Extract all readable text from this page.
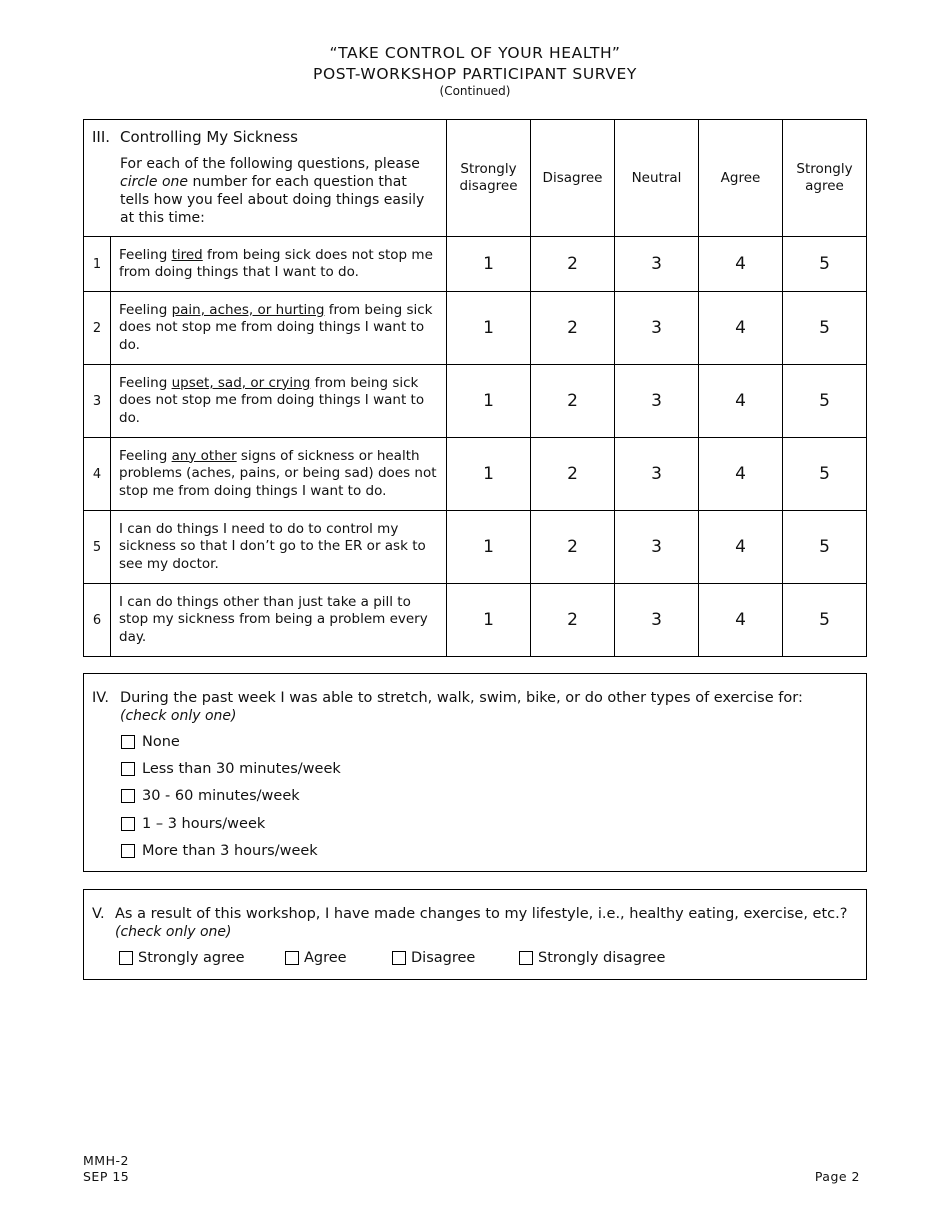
“TAKE CONTROL OF YOUR HEALTH”
POST-WORKSHOP PARTICIPANT SURVEY
(Continued)
III. Controlling My Sickness
For each of the following questions, please circle one number for each question that tells how you feel about doing things easily at this time:		Strongly disagree	Disagree	Neutral	Agree	Strongly agree
1	Feeling tired from being sick does not stop me from doing things that I want to do.	1	2	3	4	5
2	Feeling pain, aches, or hurting from being sick does not stop me from doing things I want to do.	1	2	3	4	5
3	Feeling upset, sad, or crying from being sick does not stop me from doing things I want to do.	1	2	3	4	5
4	Feeling any other signs of sickness or health problems (aches, pains, or being sad) does not stop me from doing things I want to do.	1	2	3	4	5
5	I can do things I need to do to control my sickness so that I don’t go to the ER or ask to see my doctor.	1	2	3	4	5
6	I can do things other than just take a pill to stop my sickness from being a problem every day.	1	2	3	4	5
IV. During the past week I was able to stretch, walk, swim, bike, or do other types of exercise for:
(check only one)
None
Less than 30 minutes/week
30 - 60 minutes/week
1 – 3 hours/week
More than 3 hours/week
V. As a result of this workshop, I have made changes to my lifestyle, i.e., healthy eating, exercise, etc.?
(check only one)
Strongly agree	Agree	Disagree	Strongly disagree
MMH-2
SEP 15	Page 2
